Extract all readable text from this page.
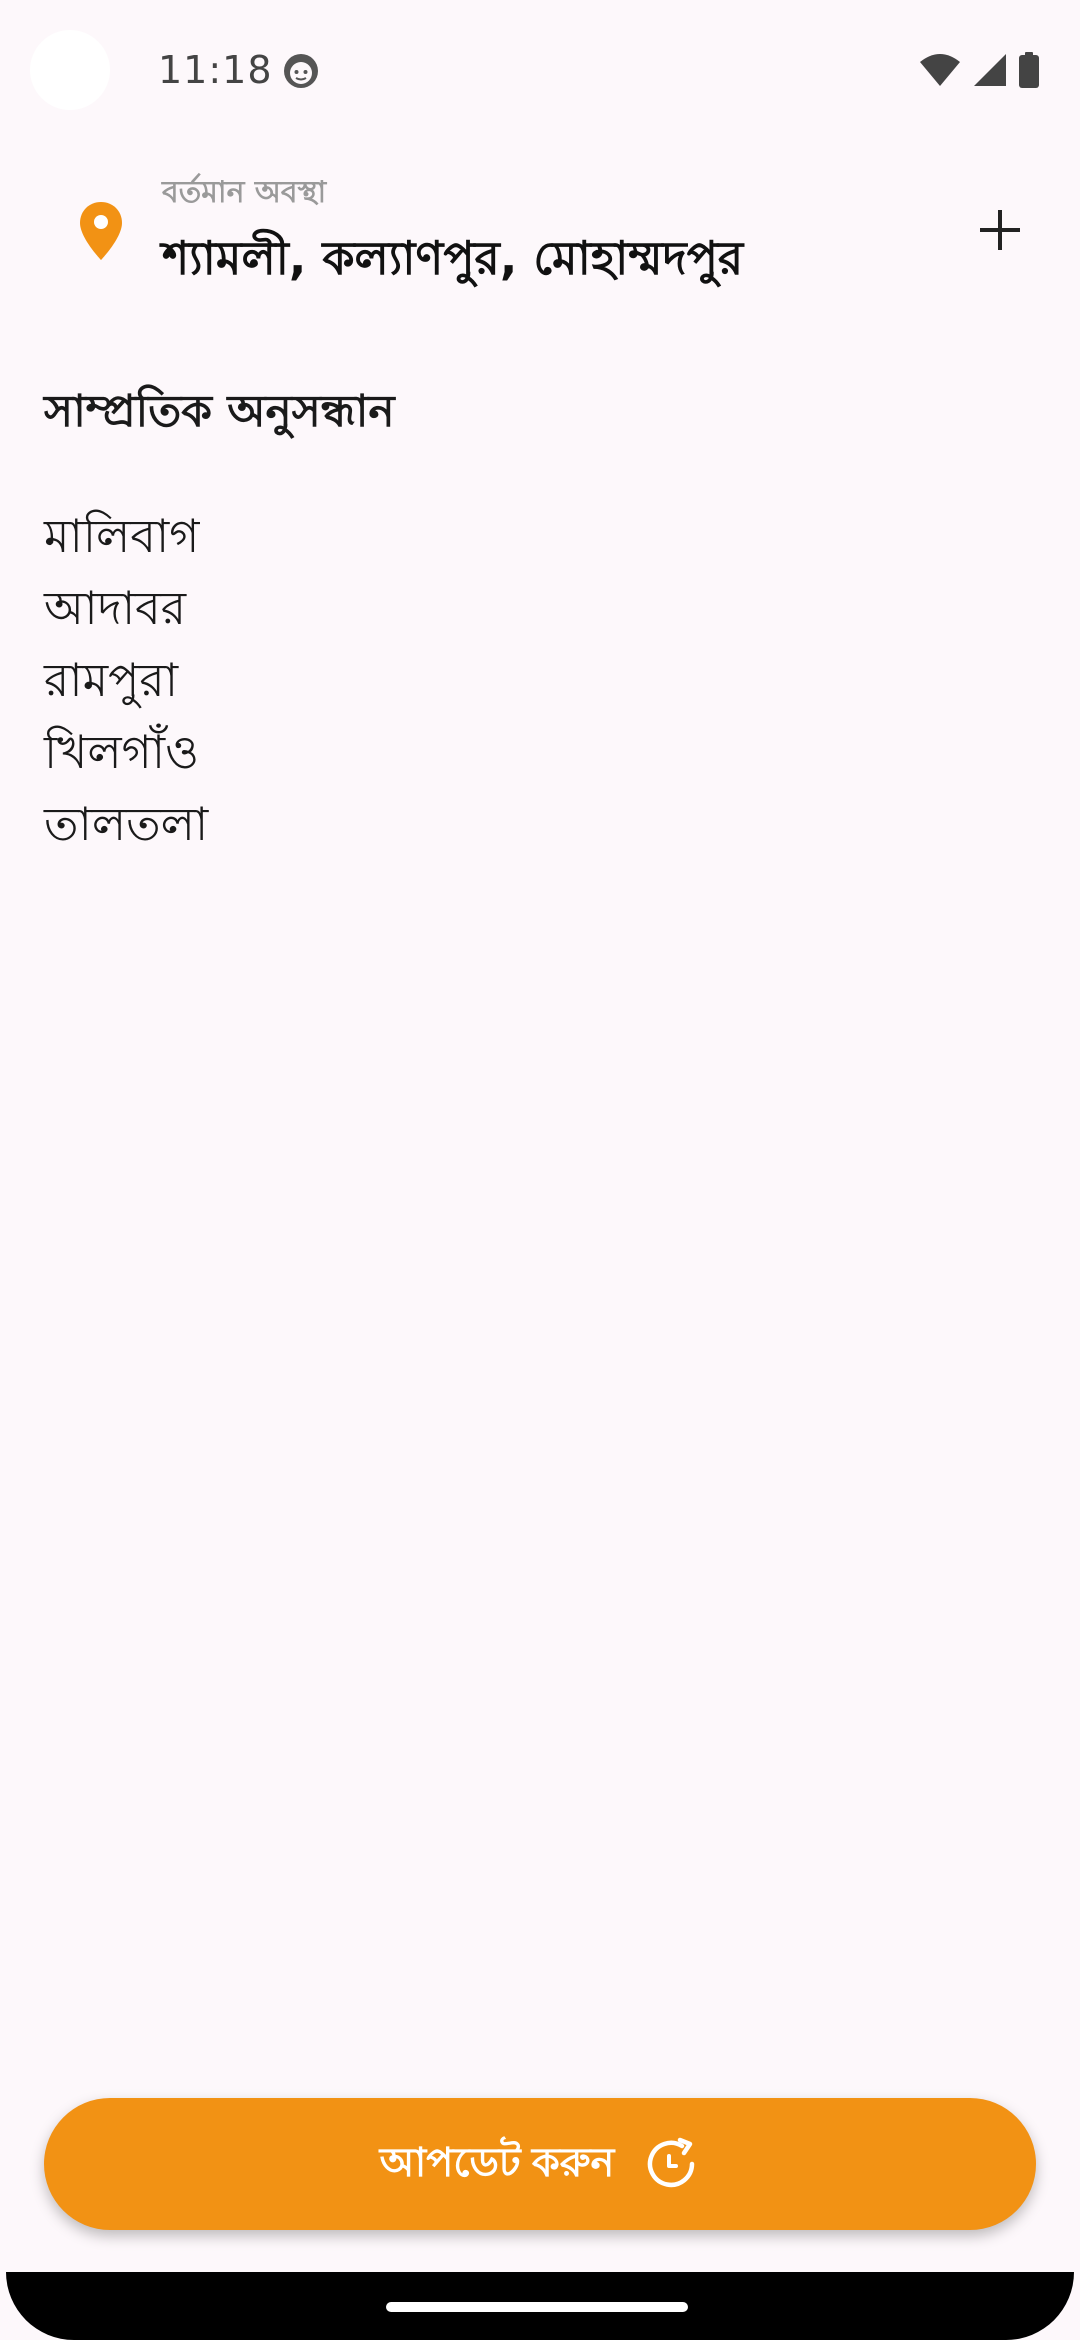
11:18
বর্তমান অবস্থা
শ্যামলী, কল্যাণপুর, মোহাম্মদপুর
সাম্প্রতিক অনুসন্ধান
মালিবাগ
আদাবর
রামপুরা
খিলগাঁও
তালতলা
আপডেট করুন
